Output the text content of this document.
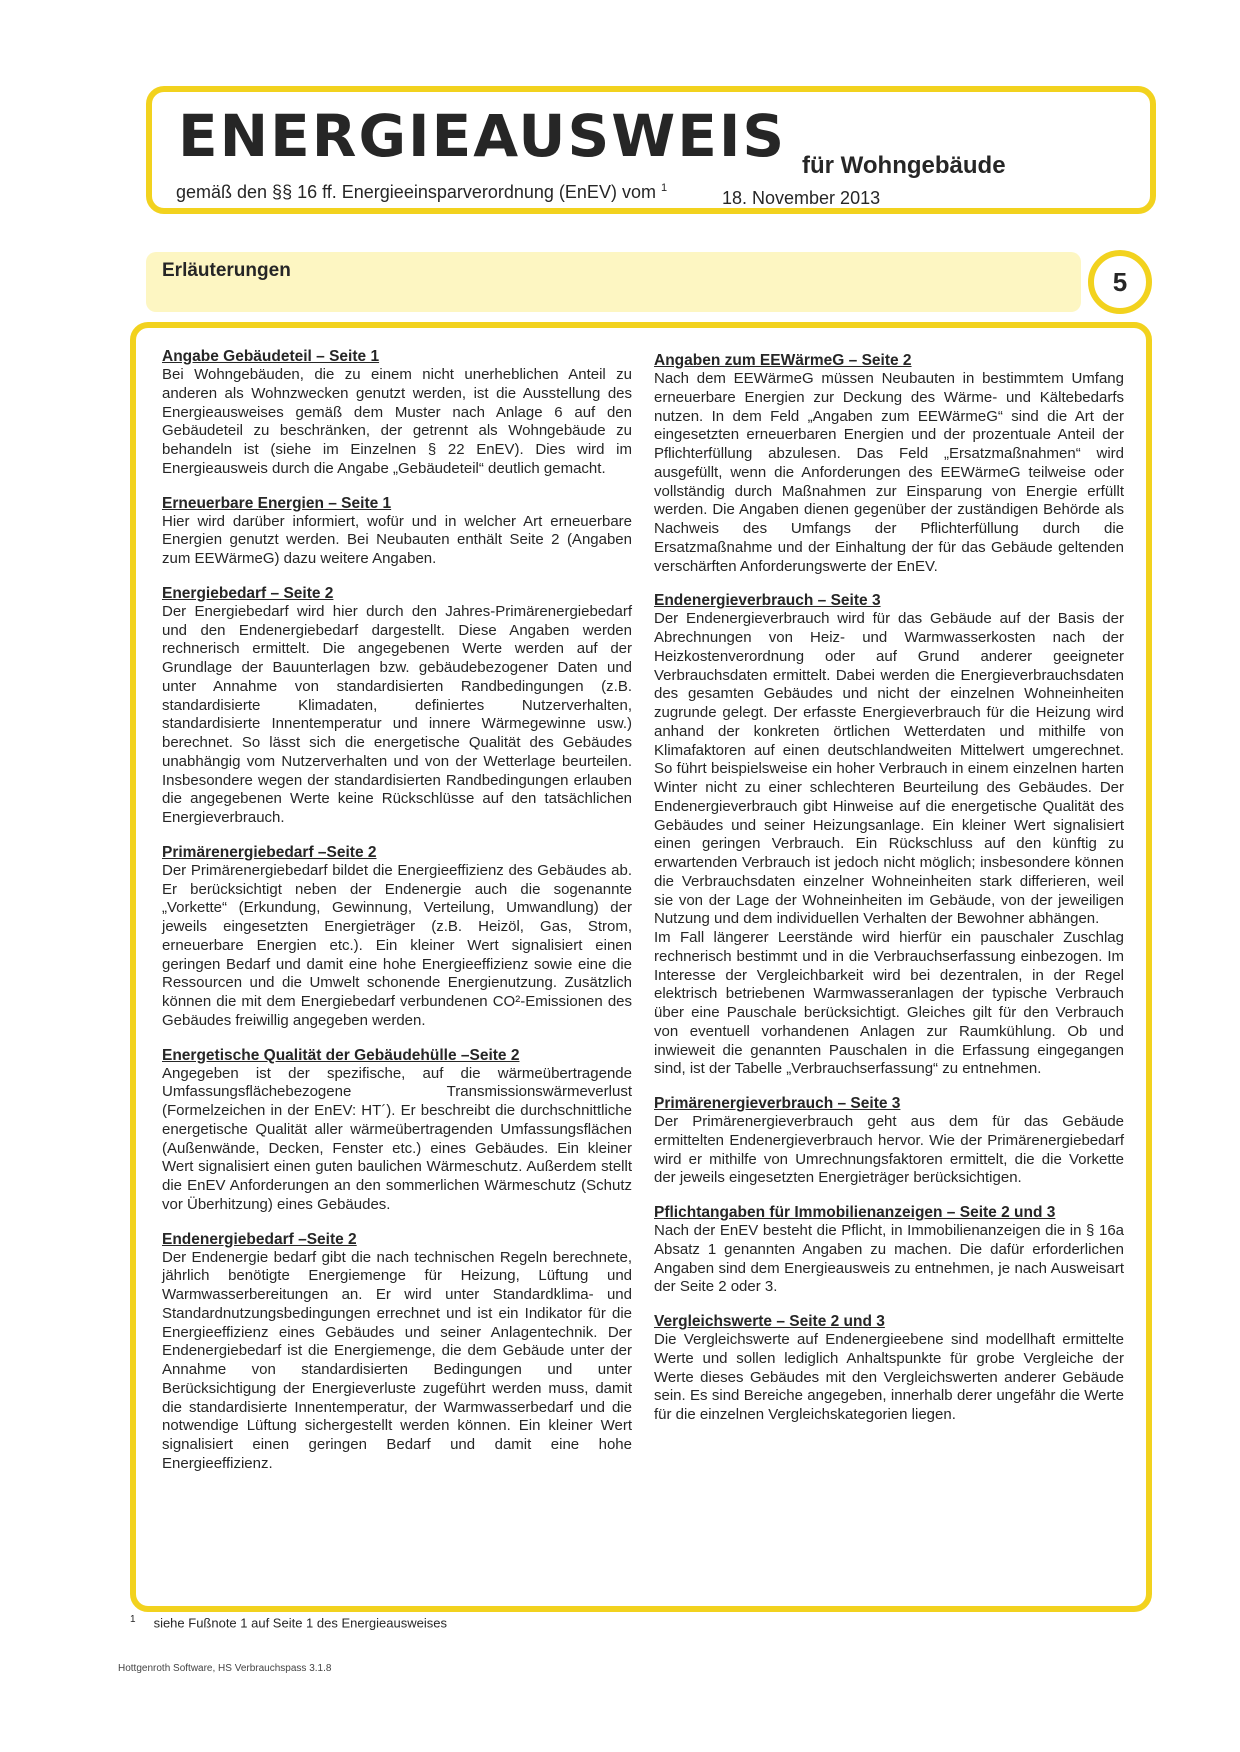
ENERGIEAUSWEIS für Wohngebäude
gemäß den §§ 16 ff. Energieeinsparverordnung (EnEV) vom $^1$	18. November 2013
Erläuterungen	5
Angabe Gebäudeteil – Seite 1

Bei Wohngebäuden, die zu einem nicht unerheblichen Anteil zu anderen als Wohnzwecken genutzt werden, ist die Ausstellung des Energieausweises gemäß dem Muster nach Anlage 6 auf den Gebäudeteil zu beschränken, der getrennt als Wohngebäude zu behandeln ist (siehe im Einzelnen § 22 EnEV). Dies wird im Energieausweis durch die Angabe „Gebäudeteil“ deutlich gemacht.

Erneuerbare Energien – Seite 1

Hier wird darüber informiert, wofür und in welcher Art erneuerbare Energien genutzt werden. Bei Neubauten enthält Seite 2 (Angaben zum EEWärmeG) dazu weitere Angaben.

Energiebedarf – Seite 2

Der Energiebedarf wird hier durch den Jahres-Primärenergiebedarf und den Endenergiebedarf dargestellt. Diese Angaben werden rechnerisch ermittelt. Die angegebenen Werte werden auf der Grundlage der Bauunterlagen bzw. gebäudebezogener Daten und unter Annahme von standardisierten Randbedingungen (z.B. standardisierte Klimadaten, definiertes Nutzerverhalten, standardisierte Innentemperatur und innere Wärmegewinne usw.) berechnet. So lässt sich die energetische Qualität des Gebäudes unabhängig vom Nutzerverhalten und von der Wetterlage beurteilen. Insbesondere wegen der standardisierten Randbedingungen erlauben die angegebenen Werte keine Rückschlüsse auf den tatsächlichen Energieverbrauch.

Primärenergiebedarf –Seite 2

Der Primärenergiebedarf bildet die Energieeffizienz des Gebäudes ab. Er berücksichtigt neben der Endenergie auch die sogenannte „Vorkette“ (Erkundung, Gewinnung, Verteilung, Umwandlung) der jeweils eingesetzten Energieträger (z.B. Heizöl, Gas, Strom, erneuerbare Energien etc.). Ein kleiner Wert signalisiert einen geringen Bedarf und damit eine hohe Energieeffizienz sowie eine die Ressourcen und die Umwelt schonende Energienutzung. Zusätzlich können die mit dem Energiebedarf verbundenen CO²-Emissionen des Gebäudes freiwillig angegeben werden.

Energetische Qualität der Gebäudehülle –Seite 2

Angegeben ist der spezifische, auf die wärmeübertragende Umfassungsflächebezogene Transmissionswärmeverlust (Formelzeichen in der EnEV: HT´). Er beschreibt die durchschnittliche energetische Qualität aller wärmeübertragenden Umfassungsflächen (Außenwände, Decken, Fenster etc.) eines Gebäudes. Ein kleiner Wert signalisiert einen guten baulichen Wärmeschutz. Außerdem stellt die EnEV Anforderungen an den sommerlichen Wärmeschutz (Schutz vor Überhitzung) eines Gebäudes.

Endenergiebedarf –Seite 2

Der Endenergie bedarf gibt die nach technischen Regeln berechnete, jährlich benötigte Energiemenge für Heizung, Lüftung und Warmwasserbereitungen an. Er wird unter Standardklima- und Standardnutzungsbedingungen errechnet und ist ein Indikator für die Energieeffizienz eines Gebäudes und seiner Anlagentechnik. Der Endenergiebedarf ist die Energiemenge, die dem Gebäude unter der Annahme von standardisierten Bedingungen und unter Berücksichtigung der Energieverluste zugeführt werden muss, damit die standardisierte Innentemperatur, der Warmwasserbedarf und die notwendige Lüftung sichergestellt werden können. Ein kleiner Wert signalisiert einen geringen Bedarf und damit eine hohe Energieeffizienz.

Angaben zum EEWärmeG – Seite 2

Nach dem EEWärmeG müssen Neubauten in bestimmtem Umfang erneuerbare Energien zur Deckung des Wärme- und Kältebedarfs nutzen. In dem Feld „Angaben zum EEWärmeG“ sind die Art der eingesetzten erneuerbaren Energien und der prozentuale Anteil der Pflichterfüllung abzulesen. Das Feld „Ersatzmaßnahmen“ wird ausgefüllt, wenn die Anforderungen des EEWärmeG teilweise oder vollständig durch Maßnahmen zur Einsparung von Energie erfüllt werden. Die Angaben dienen gegenüber der zuständigen Behörde als Nachweis des Umfangs der Pflichterfüllung durch die Ersatzmaßnahme und der Einhaltung der für das Gebäude geltenden verschärften Anforderungswerte der EnEV.

Endenergieverbrauch – Seite 3

Der Endenergieverbrauch wird für das Gebäude auf der Basis der Abrechnungen von Heiz- und Warmwasserkosten nach der Heizkostenverordnung oder auf Grund anderer geeigneter Verbrauchsdaten ermittelt. Dabei werden die Energieverbrauchsdaten des gesamten Gebäudes und nicht der einzelnen Wohneinheiten zugrunde gelegt. Der erfasste Energieverbrauch für die Heizung wird anhand der konkreten örtlichen Wetterdaten und mithilfe von Klimafaktoren auf einen deutschlandweiten Mittelwert umgerechnet. So führt beispielsweise ein hoher Verbrauch in einem einzelnen harten Winter nicht zu einer schlechteren Beurteilung des Gebäudes. Der Endenergieverbrauch gibt Hinweise auf die energetische Qualität des Gebäudes und seiner Heizungsanlage. Ein kleiner Wert signalisiert einen geringen Verbrauch. Ein Rückschluss auf den künftig zu erwartenden Verbrauch ist jedoch nicht möglich; insbesondere können die Verbrauchsdaten einzelner Wohneinheiten stark differieren, weil sie von der Lage der Wohneinheiten im Gebäude, von der jeweiligen Nutzung und dem individuellen Verhalten der Bewohner abhängen.

Im Fall längerer Leerstände wird hierfür ein pauschaler Zuschlag rechnerisch bestimmt und in die Verbrauchserfassung einbezogen. Im Interesse der Vergleichbarkeit wird bei dezentralen, in der Regel elektrisch betriebenen Warmwasseranlagen der typische Verbrauch über eine Pauschale berücksichtigt. Gleiches gilt für den Verbrauch von eventuell vorhandenen Anlagen zur Raumkühlung. Ob und inwieweit die genannten Pauschalen in die Erfassung eingegangen sind, ist der Tabelle „Verbrauchserfassung“ zu entnehmen.

Primärenergieverbrauch – Seite 3

Der Primärenergieverbrauch geht aus dem für das Gebäude ermittelten Endenergieverbrauch hervor. Wie der Primärenergiebedarf wird er mithilfe von Umrechnungsfaktoren ermittelt, die die Vorkette der jeweils eingesetzten Energieträger berücksichtigen.

Pflichtangaben für Immobilienanzeigen – Seite 2 und 3

Nach der EnEV besteht die Pflicht, in Immobilienanzeigen die in § 16a Absatz 1 genannten Angaben zu machen. Die dafür erforderlichen Angaben sind dem Energieausweis zu entnehmen, je nach Ausweisart der Seite 2 oder 3.

Vergleichswerte – Seite 2 und 3

Die Vergleichswerte auf Endenergieebene sind modellhaft ermittelte Werte und sollen lediglich Anhaltspunkte für grobe Vergleiche der Werte dieses Gebäudes mit den Vergleichswerten anderer Gebäude sein. Es sind Bereiche angegeben, innerhalb derer ungefähr die Werte für die einzelnen Vergleichskategorien liegen.

$^1$ siehe Fußnote 1 auf Seite 1 des Energieausweises
Hottgenroth Software, HS Verbrauchspass 3.1.8
